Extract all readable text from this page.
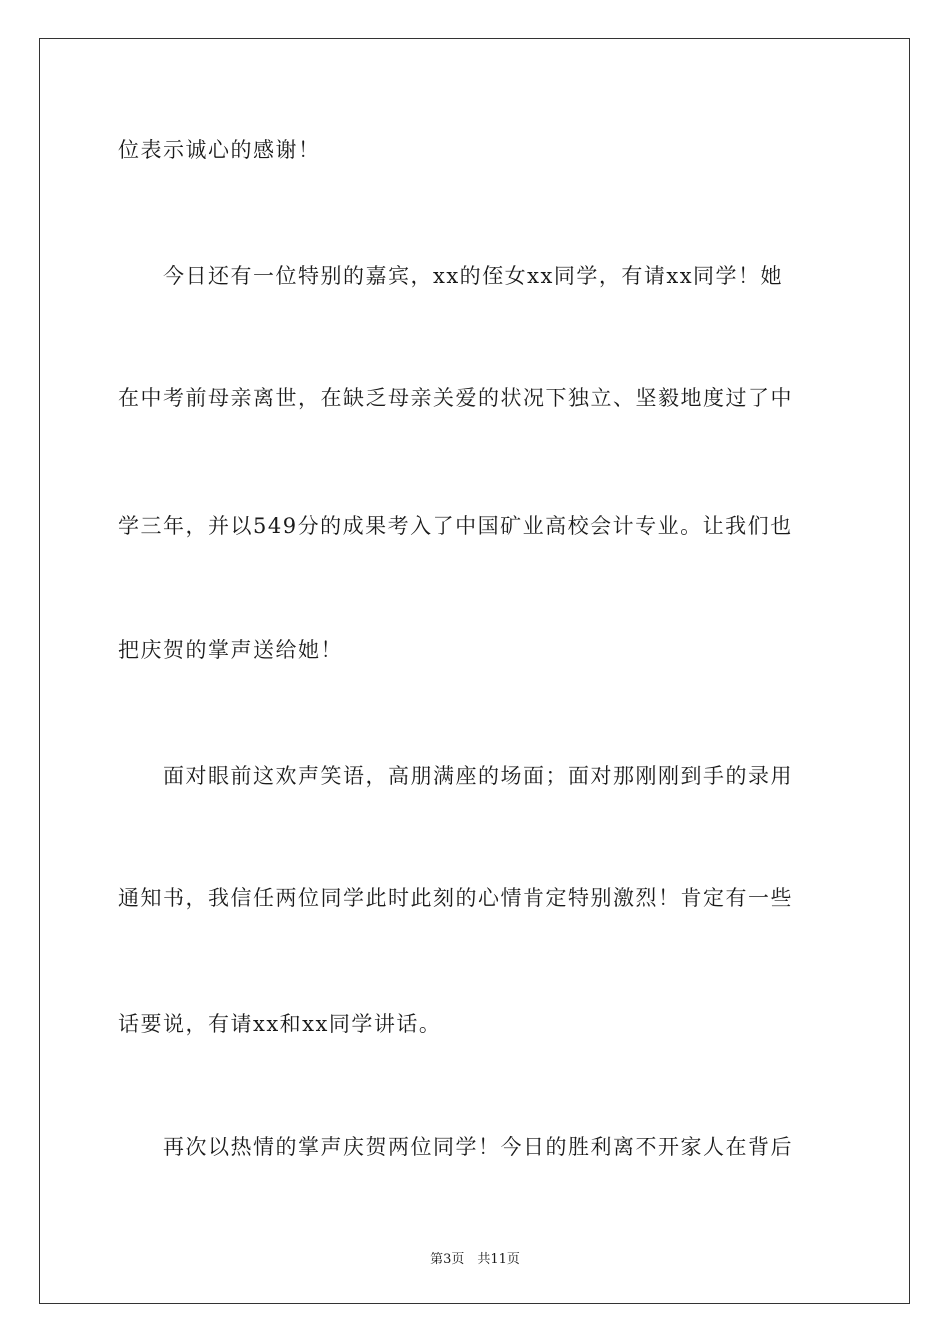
位表示诚心的感谢！
　　今日还有一位特别的嘉宾，xx的侄女xx同学，有请xx同学！她
在中考前母亲离世，在缺乏母亲关爱的状况下独立、坚毅地度过了中
学三年，并以549分的成果考入了中国矿业高校会计专业。让我们也
把庆贺的掌声送给她！
　　面对眼前这欢声笑语，高朋满座的场面；面对那刚刚到手的录用
通知书，我信任两位同学此时此刻的心情肯定特别激烈！肯定有一些
话要说，有请xx和xx同学讲话。
　　再次以热情的掌声庆贺两位同学！今日的胜利离不开家人在背后
第3页　共11页
